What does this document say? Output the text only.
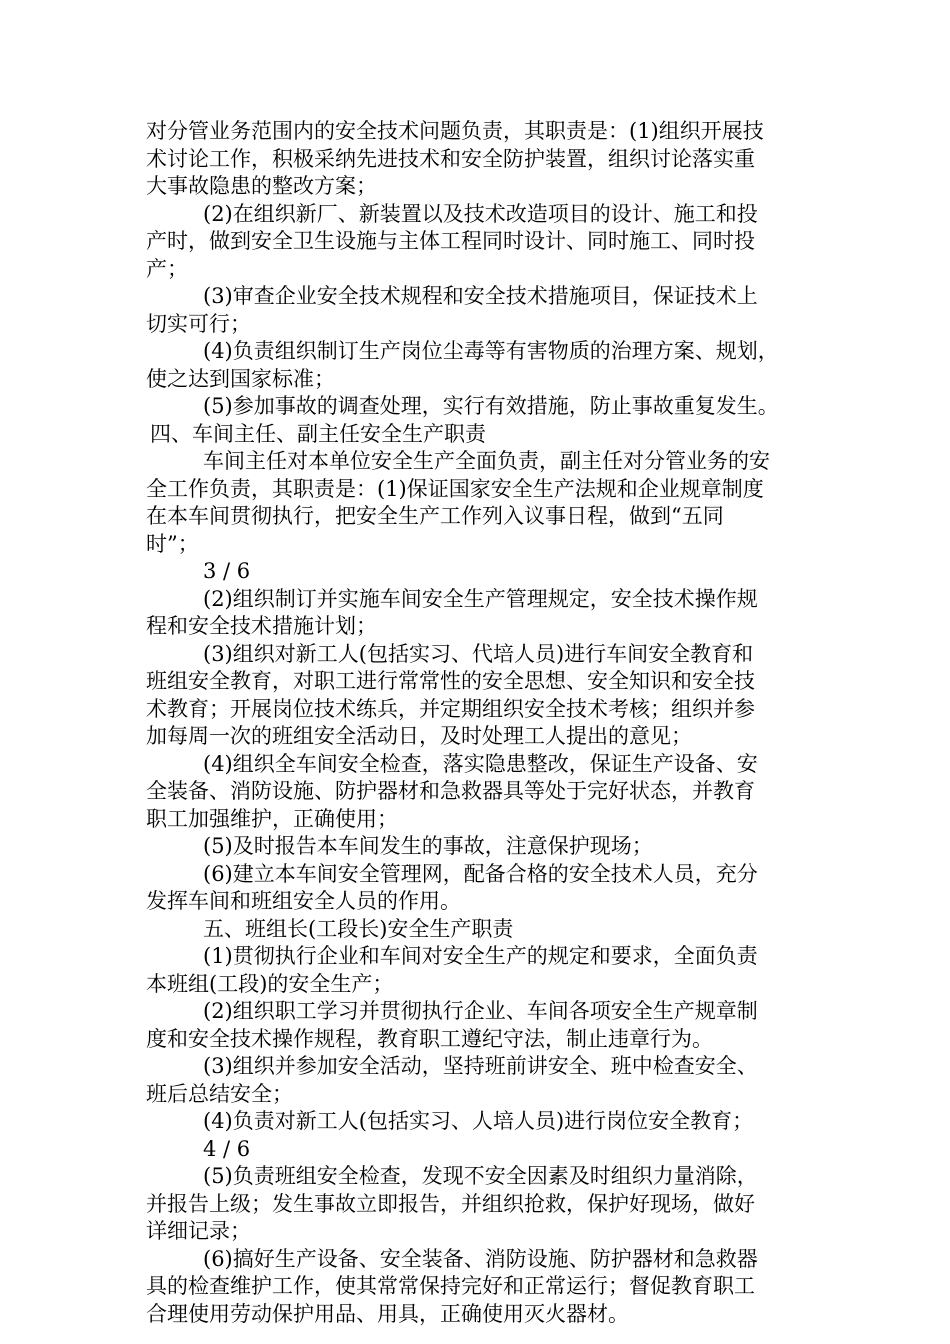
对分管业务范围内的安全技术问题负责，其职责是：(1)组织开展技
术讨论工作，积极采纳先进技术和安全防护装置，组织讨论落实重
大事故隐患的整改方案；
(2)在组织新厂、新装置以及技术改造项目的设计、施工和投
产时，做到安全卫生设施与主体工程同时设计、同时施工、同时投
产；
(3)审查企业安全技术规程和安全技术措施项目，保证技术上
切实可行；
(4)负责组织制订生产岗位尘毒等有害物质的治理方案、规划，
使之达到国家标准；
(5)参加事故的调查处理，实行有效措施，防止事故重复发生。
四、车间主任、副主任安全生产职责
车间主任对本单位安全生产全面负责，副主任对分管业务的安
全工作负责，其职责是：(1)保证国家安全生产法规和企业规章制度
在本车间贯彻执行，把安全生产工作列入议事日程，做到“五同
时”；
3 / 6
(2)组织制订并实施车间安全生产管理规定，安全技术操作规
程和安全技术措施计划；
(3)组织对新工人(包括实习、代培人员)进行车间安全教育和
班组安全教育，对职工进行常常性的安全思想、安全知识和安全技
术教育；开展岗位技术练兵，并定期组织安全技术考核；组织并参
加每周一次的班组安全活动日，及时处理工人提出的意见；
(4)组织全车间安全检查，落实隐患整改，保证生产设备、安
全装备、消防设施、防护器材和急救器具等处于完好状态，并教育
职工加强维护，正确使用；
(5)及时报告本车间发生的事故，注意保护现场；
(6)建立本车间安全管理网，配备合格的安全技术人员，充分
发挥车间和班组安全人员的作用。
五、班组长(工段长)安全生产职责
(1)贯彻执行企业和车间对安全生产的规定和要求，全面负责
本班组(工段)的安全生产；
(2)组织职工学习并贯彻执行企业、车间各项安全生产规章制
度和安全技术操作规程，教育职工遵纪守法，制止违章行为。
(3)组织并参加安全活动，坚持班前讲安全、班中检查安全、
班后总结安全；
(4)负责对新工人(包括实习、人培人员)进行岗位安全教育；
4 / 6
(5)负责班组安全检查，发现不安全因素及时组织力量消除，
并报告上级；发生事故立即报告，并组织抢救，保护好现场，做好
详细记录；
(6)搞好生产设备、安全装备、消防设施、防护器材和急救器
具的检查维护工作，使其常常保持完好和正常运行；督促教育职工
合理使用劳动保护用品、用具，正确使用灭火器材。
